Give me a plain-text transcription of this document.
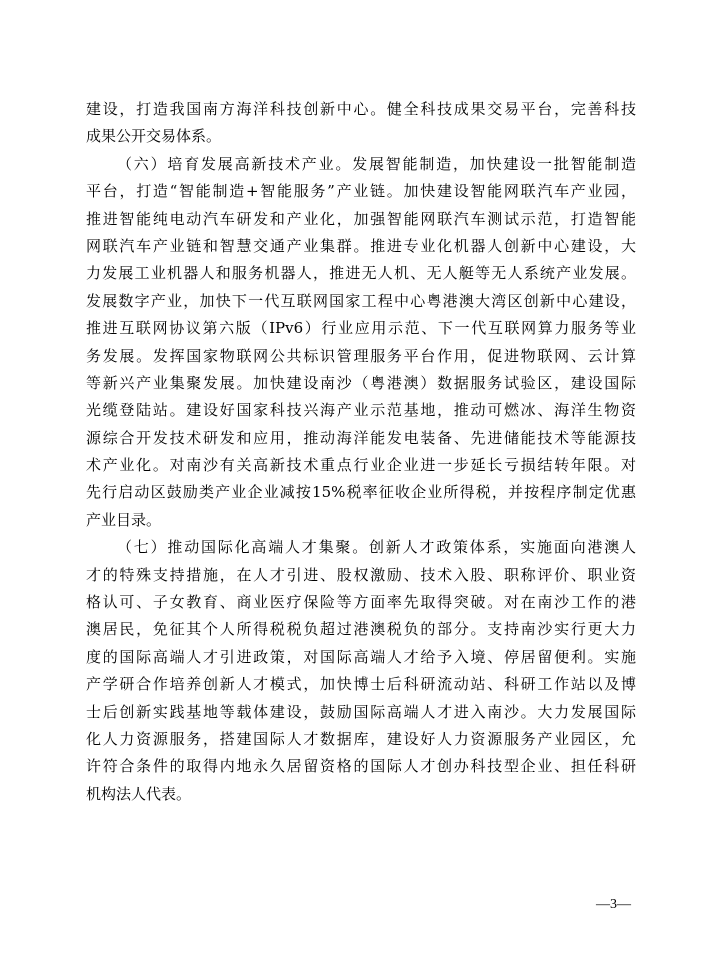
建设，打造我国南方海洋科技创新中心。健全科技成果交易平台，完善科技
成果公开交易体系。
（六）培育发展高新技术产业。发展智能制造，加快建设一批智能制造
平台，打造“智能制造+智能服务”产业链。加快建设智能网联汽车产业园，
推进智能纯电动汽车研发和产业化，加强智能网联汽车测试示范，打造智能
网联汽车产业链和智慧交通产业集群。推进专业化机器人创新中心建设，大
力发展工业机器人和服务机器人，推进无人机、无人艇等无人系统产业发展。
发展数字产业，加快下一代互联网国家工程中心粤港澳大湾区创新中心建设，
推进互联网协议第六版（IPv6）行业应用示范、下一代互联网算力服务等业
务发展。发挥国家物联网公共标识管理服务平台作用，促进物联网、云计算
等新兴产业集聚发展。加快建设南沙（粤港澳）数据服务试验区，建设国际
光缆登陆站。建设好国家科技兴海产业示范基地，推动可燃冰、海洋生物资
源综合开发技术研发和应用，推动海洋能发电装备、先进储能技术等能源技
术产业化。对南沙有关高新技术重点行业企业进一步延长亏损结转年限。对
先行启动区鼓励类产业企业减按15%税率征收企业所得税，并按程序制定优惠
产业目录。
（七）推动国际化高端人才集聚。创新人才政策体系，实施面向港澳人
才的特殊支持措施，在人才引进、股权激励、技术入股、职称评价、职业资
格认可、子女教育、商业医疗保险等方面率先取得突破。对在南沙工作的港
澳居民，免征其个人所得税税负超过港澳税负的部分。支持南沙实行更大力
度的国际高端人才引进政策，对国际高端人才给予入境、停居留便利。实施
产学研合作培养创新人才模式，加快博士后科研流动站、科研工作站以及博
士后创新实践基地等载体建设，鼓励国际高端人才进入南沙。大力发展国际
化人力资源服务，搭建国际人才数据库，建设好人力资源服务产业园区，允
许符合条件的取得内地永久居留资格的国际人才创办科技型企业、担任科研
机构法人代表。
—3—
